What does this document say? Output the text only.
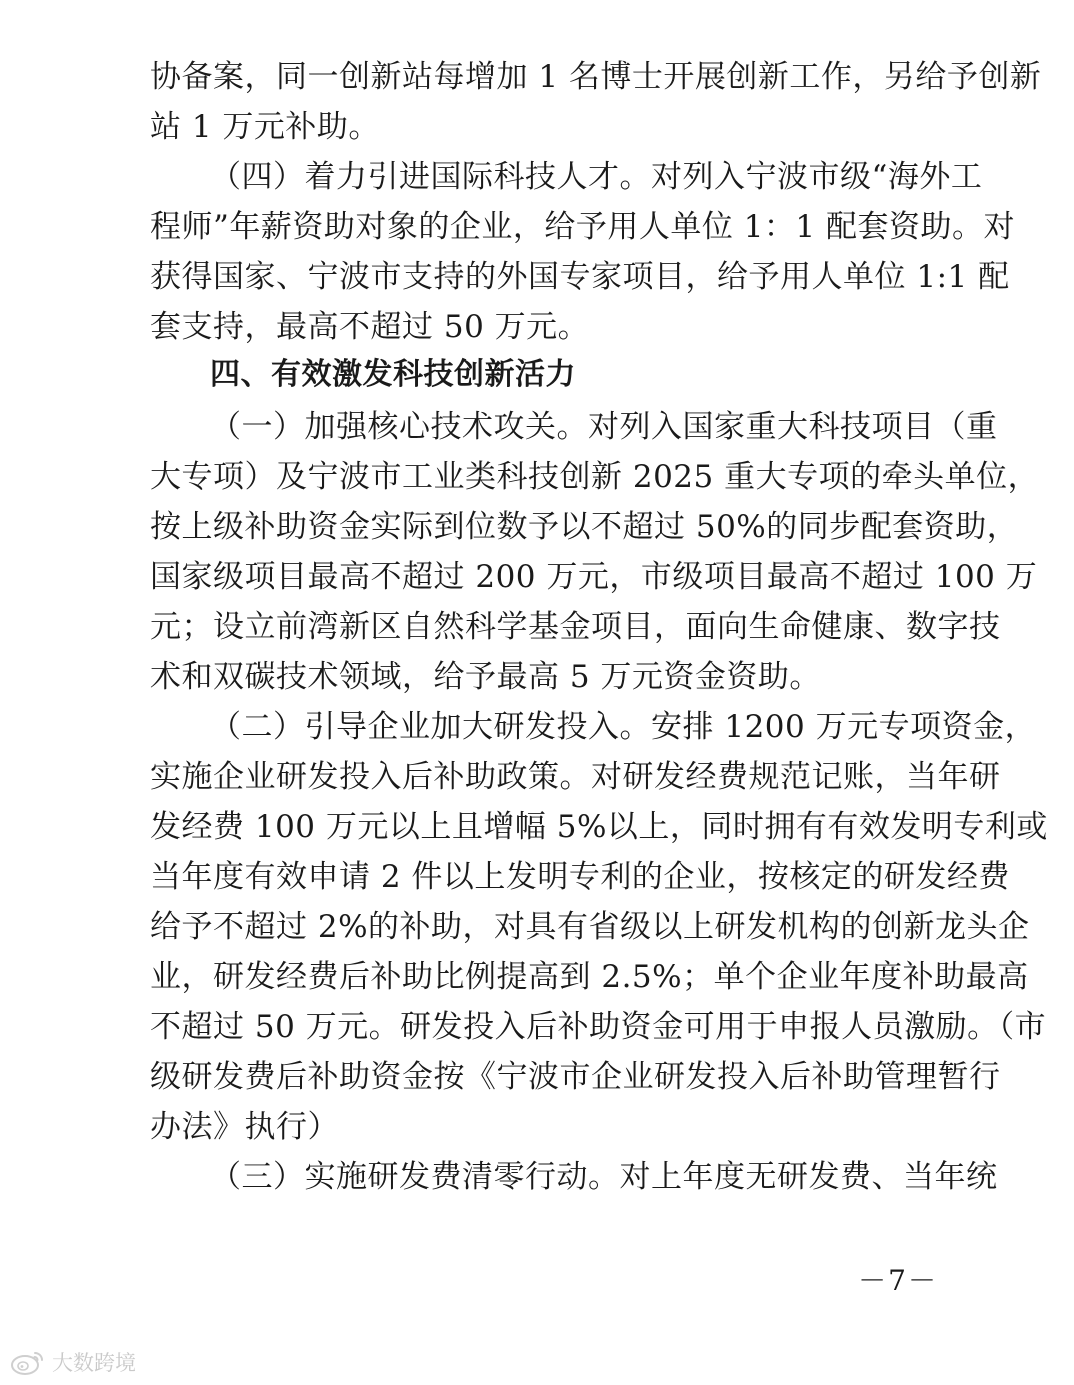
协备案，同一创新站每增加 1 名博士开展创新工作，另给予创新
站 1 万元补助。
（四）着力引进国际科技人才。对列入宁波市级“海外工
程师”年薪资助对象的企业，给予用人单位 1：1 配套资助。对
获得国家、宁波市支持的外国专家项目，给予用人单位 1:1 配
套支持，最高不超过 50 万元。
四、有效激发科技创新活力
（一）加强核心技术攻关。对列入国家重大科技项目（重
大专项）及宁波市工业类科技创新 2025 重大专项的牵头单位，
按上级补助资金实际到位数予以不超过 50%的同步配套资助，
国家级项目最高不超过 200 万元，市级项目最高不超过 100 万
元；设立前湾新区自然科学基金项目，面向生命健康、数字技
术和双碳技术领域，给予最高 5 万元资金资助。
（二）引导企业加大研发投入。安排 1200 万元专项资金，
实施企业研发投入后补助政策。对研发经费规范记账，当年研
发经费 100 万元以上且增幅 5%以上，同时拥有有效发明专利或
当年度有效申请 2 件以上发明专利的企业，按核定的研发经费
给予不超过 2%的补助，对具有省级以上研发机构的创新龙头企
业，研发经费后补助比例提高到 2.5%；单个企业年度补助最高
不超过 50 万元。研发投入后补助资金可用于申报人员激励。（市
级研发费后补助资金按《宁波市企业研发投入后补助管理暂行
办法》执行）
（三）实施研发费清零行动。对上年度无研发费、当年统
－7－
大数跨境
